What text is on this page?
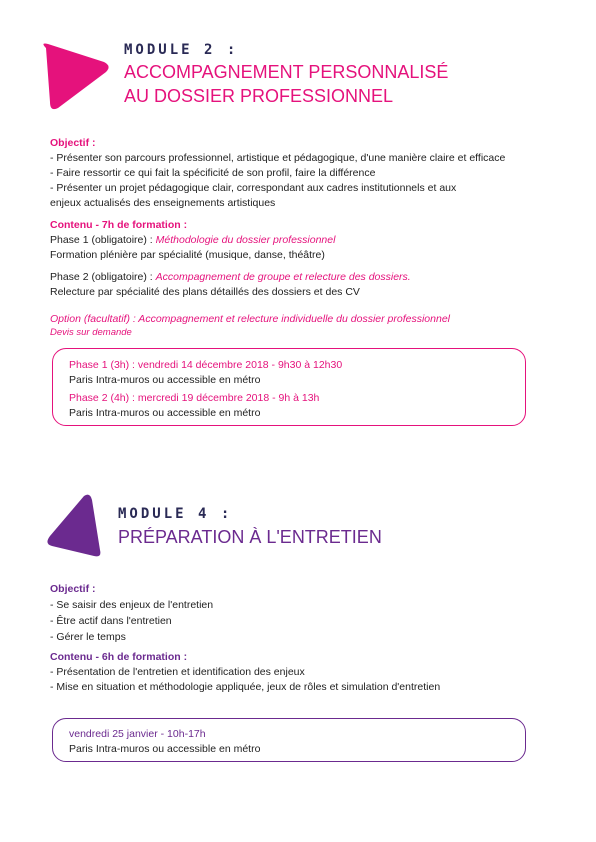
MODULE 2 :
ACCOMPAGNEMENT PERSONNALISÉ
AU DOSSIER PROFESSIONNEL

Objectif :

- Présenter son parcours professionnel, artistique et pédagogique, d'une manière claire et efficace

- Faire ressortir ce qui fait la spécificité de son profil, faire la différence

- Présenter un projet pédagogique clair, correspondant aux cadres institutionnels et aux

enjeux actualisés des enseignements artistiques

Contenu - 7h de formation :

Phase 1 (obligatoire) : Méthodologie du dossier professionnel

Formation plénière par spécialité (musique, danse, théâtre)

Phase 2 (obligatoire) : Accompagnement de groupe et relecture des dossiers.

Relecture par spécialité des plans détaillés des dossiers et des CV

Option (facultatif) : Accompagnement et relecture individuelle du dossier professionnel

Devis sur demande

Phase 1 (3h) : vendredi 14 décembre 2018 - 9h30 à 12h30

Paris Intra-muros ou accessible en métro

Phase 2 (4h) : mercredi 19 décembre 2018 - 9h à 13h

Paris Intra-muros ou accessible en métro

MODULE 4 :
PRÉPARATION À L'ENTRETIEN

Objectif :

- Se saisir des enjeux de l'entretien

- Être actif dans l'entretien

- Gérer le temps

Contenu - 6h de formation :

- Présentation de l'entretien et identification des enjeux

- Mise en situation et méthodologie appliquée, jeux de rôles et simulation d'entretien

vendredi 25 janvier - 10h-17h

Paris Intra-muros ou accessible en métro
